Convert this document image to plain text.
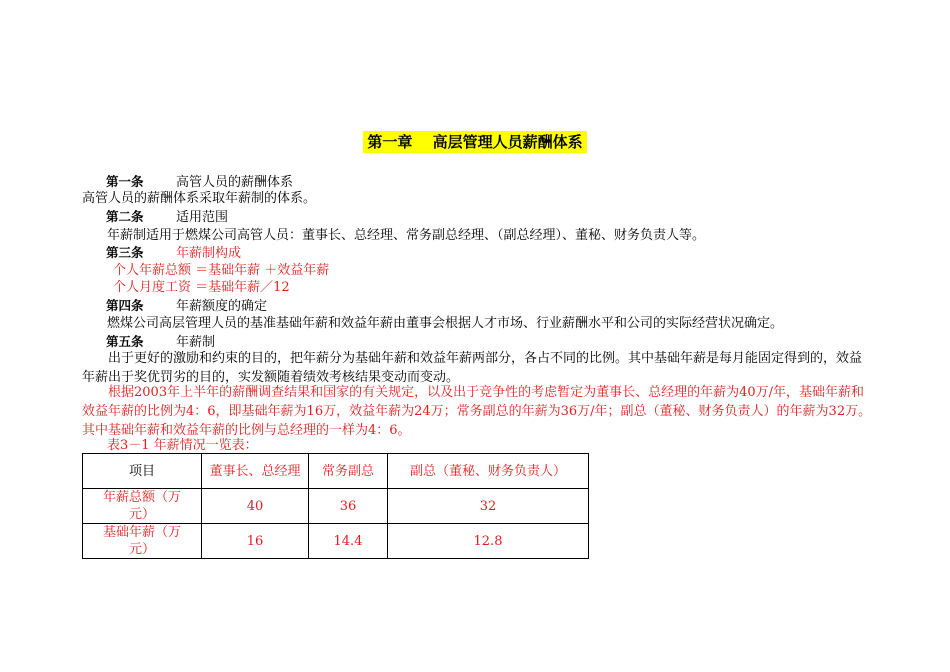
第一章　 高层管理人员薪酬体系
第一条 高管人员的薪酬体系
高管人员的薪酬体系采取年薪制的体系。
第二条 适用范围
年薪制适用于燃煤公司高管人员：董事长、总经理、常务副总经理、（副总经理）、董秘、财务负责人等。
第三条 年薪制构成
个人年薪总额 ＝基础年薪 ＋效益年薪
个人月度工资 ＝基础年薪／12
第四条 年薪额度的确定
燃煤公司高层管理人员的基准基础年薪和效益年薪由董事会根据人才市场、行业薪酬水平和公司的实际经营状况确定。
第五条 年薪制
出于更好的激励和约束的目的，把年薪分为基础年薪和效益年薪两部分，各占不同的比例。其中基础年薪是每月能固定得到的，效益年薪出于奖优罚劣的目的，实发额随着绩效考核结果变动而变动。
根据2003年上半年的薪酬调查结果和国家的有关规定，以及出于竞争性的考虑暂定为董事长、总经理的年薪为40万/年，基础年薪和效益年薪的比例为4：6，即基础年薪为16万，效益年薪为24万；常务副总的年薪为36万/年；副总（董秘、财务负责人）的年薪为32万。其中基础年薪和效益年薪的比例与总经理的一样为4：6。
表3－1 年薪情况一览表：
项目	董事长、总经理	常务副总	副总（董秘、财务负责人）
年薪总额（万元）	40	36	32
基础年薪（万元）	16	14.4	12.8
